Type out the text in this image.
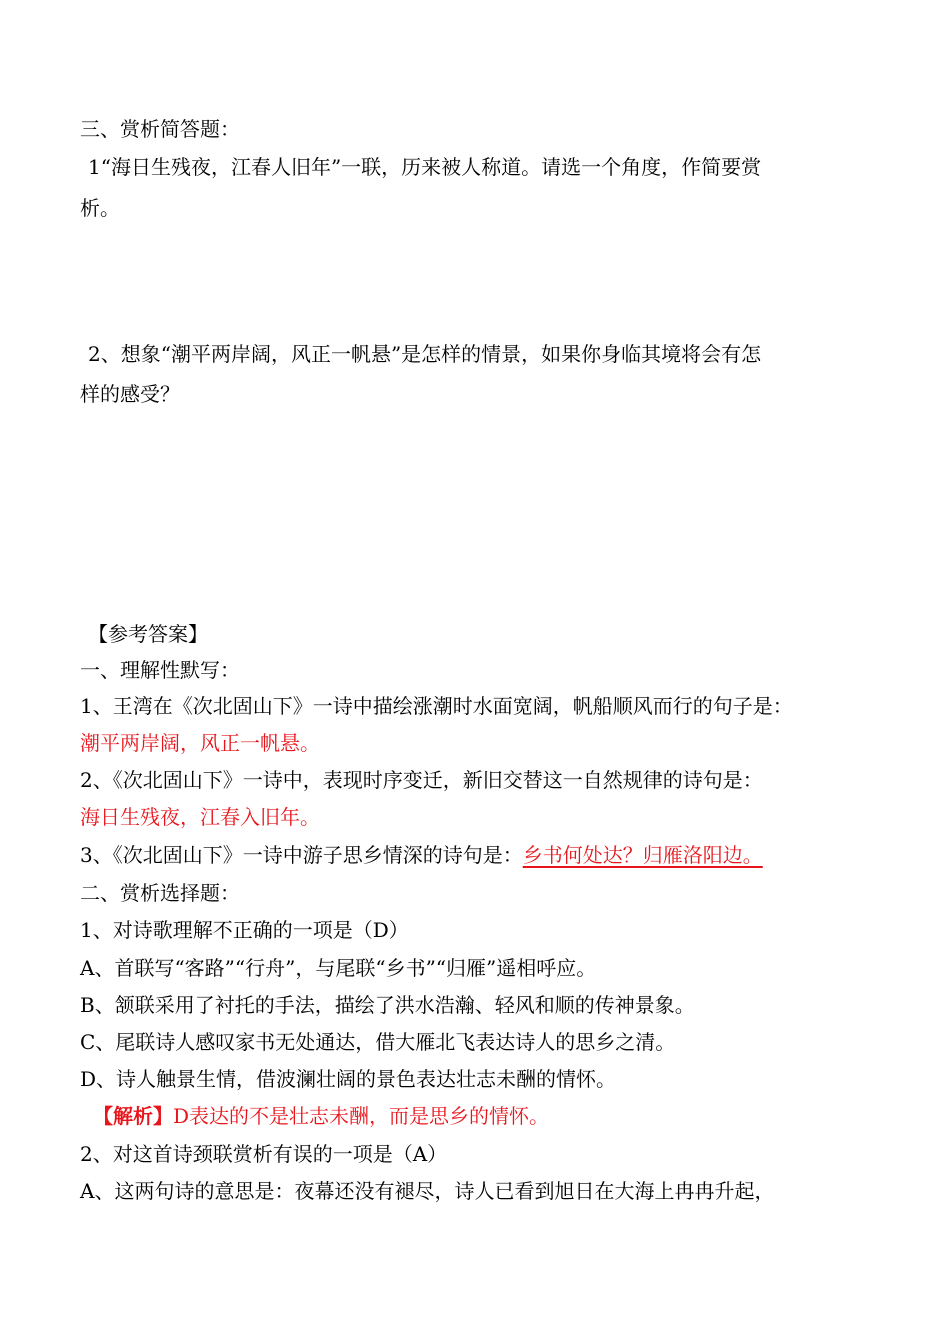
三、赏析简答题：
1“海日生残夜，江春人旧年”一联，历来被人称道。请选一个角度，作简要赏
析。
2、想象“潮平两岸阔，风正一帆悬”是怎样的情景，如果你身临其境将会有怎
样的感受？
【参考答案】
一、理解性默写：
1、王湾在《次北固山下》一诗中描绘涨潮时水面宽阔，帆船顺风而行的句子是：
潮平两岸阔，风正一帆悬。
2、《次北固山下》一诗中，表现时序变迁，新旧交替这一自然规律的诗句是：
海日生残夜，江春入旧年。
3、《次北固山下》一诗中游子思乡情深的诗句是：乡书何处达？归雁洛阳边。
二、赏析选择题：
1、对诗歌理解不正确的一项是（D）
A、首联写“客路”“行舟”，与尾联“乡书”“归雁”遥相呼应。
B、颔联采用了衬托的手法，描绘了洪水浩瀚、轻风和顺的传神景象。
C、尾联诗人感叹家书无处通达，借大雁北飞表达诗人的思乡之清。
D、诗人触景生情，借波澜壮阔的景色表达壮志未酬的情怀。
【解析】D表达的不是壮志未酬，而是思乡的情怀。
2、对这首诗颈联赏析有误的一项是（A）
A、这两句诗的意思是：夜幕还没有褪尽，诗人已看到旭日在大海上冉冉升起，
